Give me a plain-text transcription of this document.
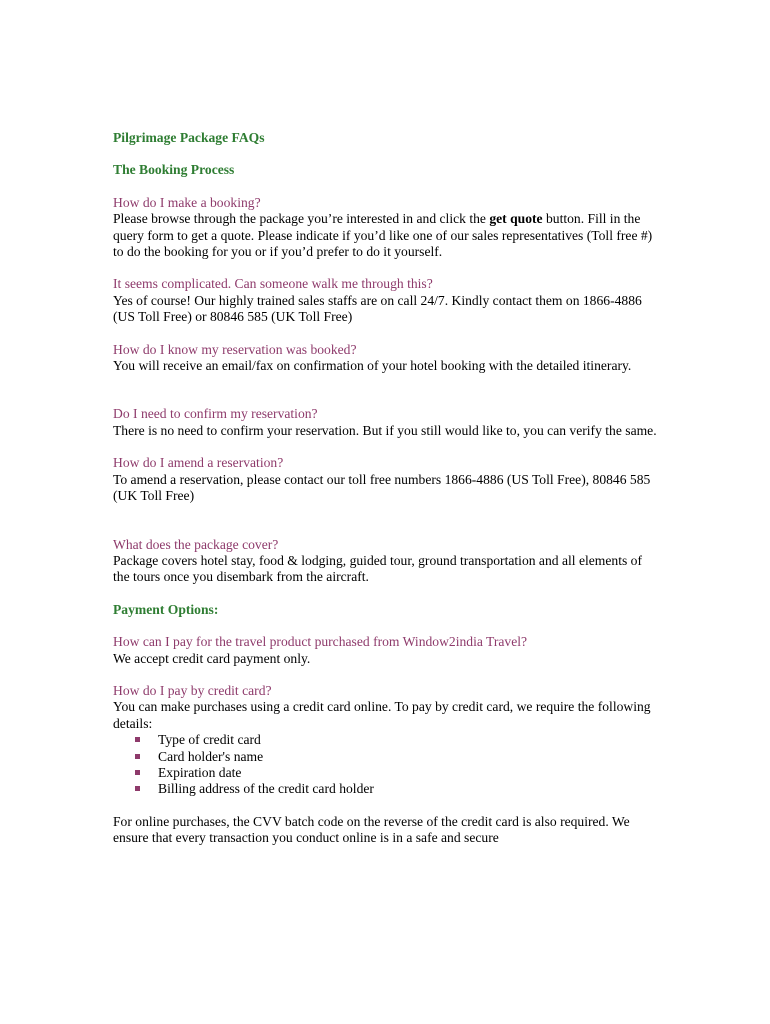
Pilgrimage Package FAQs

The Booking Process

How do I make a booking?

Please browse through the package you’re interested in and click the get quote button. Fill in the query form to get a quote. Please indicate if you’d like one of our sales representatives (Toll free #) to do the booking for you or if you’d prefer to do it yourself.

It seems complicated. Can someone walk me through this?

Yes of course! Our highly trained sales staffs are on call 24/7. Kindly contact them on 1866-4886 (US Toll Free) or 80846 585 (UK Toll Free)

How do I know my reservation was booked?

You will receive an email/fax on confirmation of your hotel booking with the detailed itinerary.

Do I need to confirm my reservation?

There is no need to confirm your reservation. But if you still would like to, you can verify the same.

How do I amend a reservation?

To amend a reservation, please contact our toll free numbers 1866-4886 (US Toll Free), 80846 585 (UK Toll Free)

What does the package cover?

Package covers hotel stay, food & lodging, guided tour, ground transportation and all elements of the tours once you disembark from the aircraft.

Payment Options:

How can I pay for the travel product purchased from Window2india Travel?

We accept credit card payment only.

How do I pay by credit card?

You can make purchases using a credit card online. To pay by credit card, we require the following details:

Type of credit card
Card holder's name
Expiration date
Billing address of the credit card holder

For online purchases, the CVV batch code on the reverse of the credit card is also required. We ensure that every transaction you conduct online is in a safe and secure
